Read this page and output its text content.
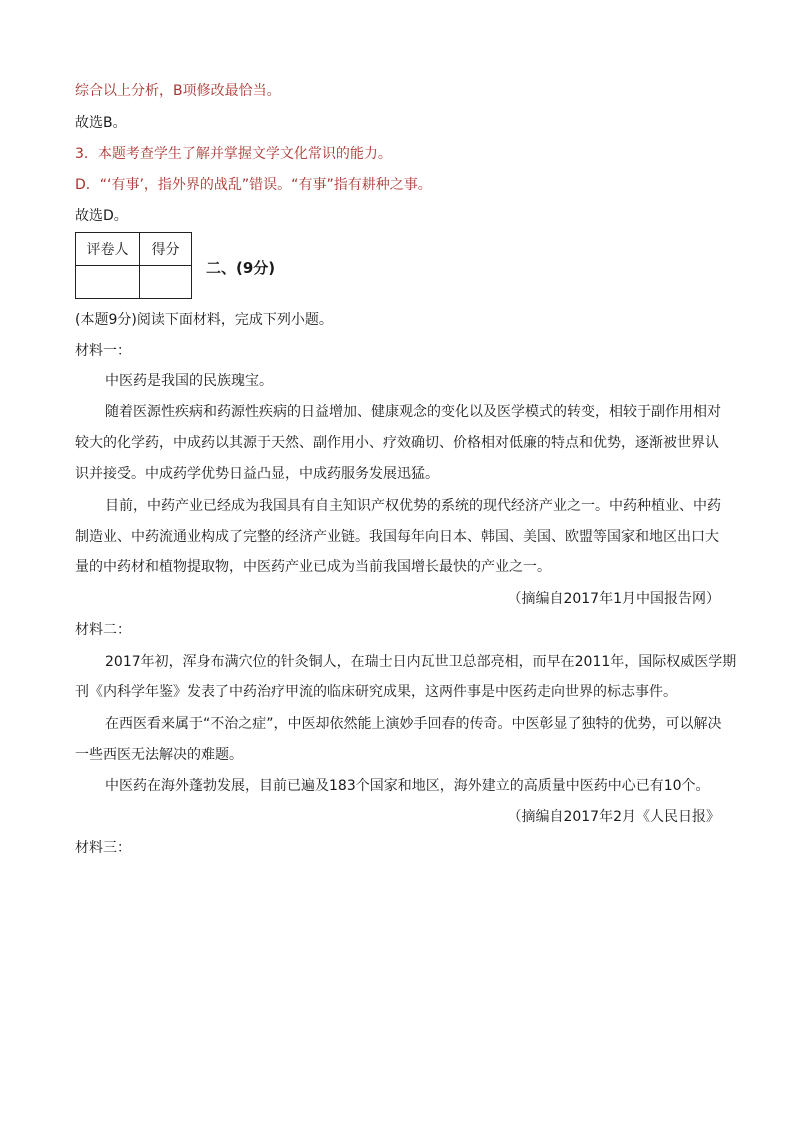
综合以上分析，B项修改最恰当。
故选B。
3．本题考查学生了解并掌握文学文化常识的能力。
D．“‘有事’，指外界的战乱”错误。“有事”指有耕种之事。
故选D。
评卷人	得分

二、(9分)
(本题9分)阅读下面材料，完成下列小题。
材料一：
中医药是我国的民族瑰宝。
随着医源性疾病和药源性疾病的日益增加、健康观念的变化以及医学模式的转变，相较于副作用相对
较大的化学药，中成药以其源于天然、副作用小、疗效确切、价格相对低廉的特点和优势，逐渐被世界认
识并接受。中成药学优势日益凸显，中成药服务发展迅猛。
目前，中药产业已经成为我国具有自主知识产权优势的系统的现代经济产业之一。中药种植业、中药
制造业、中药流通业构成了完整的经济产业链。我国每年向日本、韩国、美国、欧盟等国家和地区出口大
量的中药材和植物提取物，中医药产业已成为当前我国增长最快的产业之一。
（摘编自2017年1月中国报告网）
材料二：
2017年初，浑身布满穴位的针灸铜人，在瑞士日内瓦世卫总部亮相，而早在2011年，国际权威医学期
刊《内科学年鉴》发表了中药治疗甲流的临床研究成果，这两件事是中医药走向世界的标志事件。
在西医看来属于“不治之症”，中医却依然能上演妙手回春的传奇。中医彰显了独特的优势，可以解决
一些西医无法解决的难题。
中医药在海外蓬勃发展，目前已遍及183个国家和地区，海外建立的高质量中医药中心已有10个。
（摘编自2017年2月《人民日报》
材料三：
